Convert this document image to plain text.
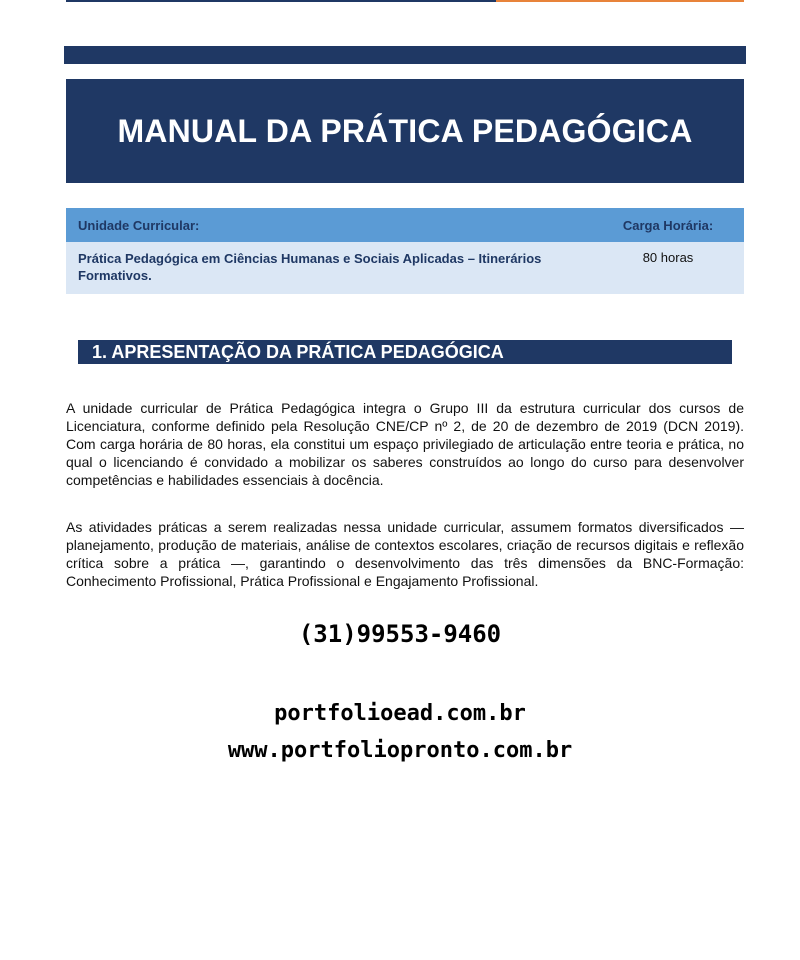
MANUAL DA PRÁTICA PEDAGÓGICA
Unidade Curricular:	Carga Horária:
Prática Pedagógica em Ciências Humanas e Sociais Aplicadas – Itinerários Formativos.	80 horas
1. APRESENTAÇÃO DA PRÁTICA PEDAGÓGICA

A unidade curricular de Prática Pedagógica integra o Grupo III da estrutura curricular dos cursos de Licenciatura, conforme definido pela Resolução CNE/CP nº 2, de 20 de dezembro de 2019 (DCN 2019). Com carga horária de 80 horas, ela constitui um espaço privilegiado de articulação entre teoria e prática, no qual o licenciando é convidado a mobilizar os saberes construídos ao longo do curso para desenvolver competências e habilidades essenciais à docência.

As atividades práticas a serem realizadas nessa unidade curricular, assumem formatos diversificados — planejamento, produção de materiais, análise de contextos escolares, criação de recursos digitais e reflexão crítica sobre a prática —, garantindo o desenvolvimento das três dimensões da BNC-Formação: Conhecimento Profissional, Prática Profissional e Engajamento Profissional.

(31)99553-9460

portfolioead.com.br

www.portfoliopronto.com.br
